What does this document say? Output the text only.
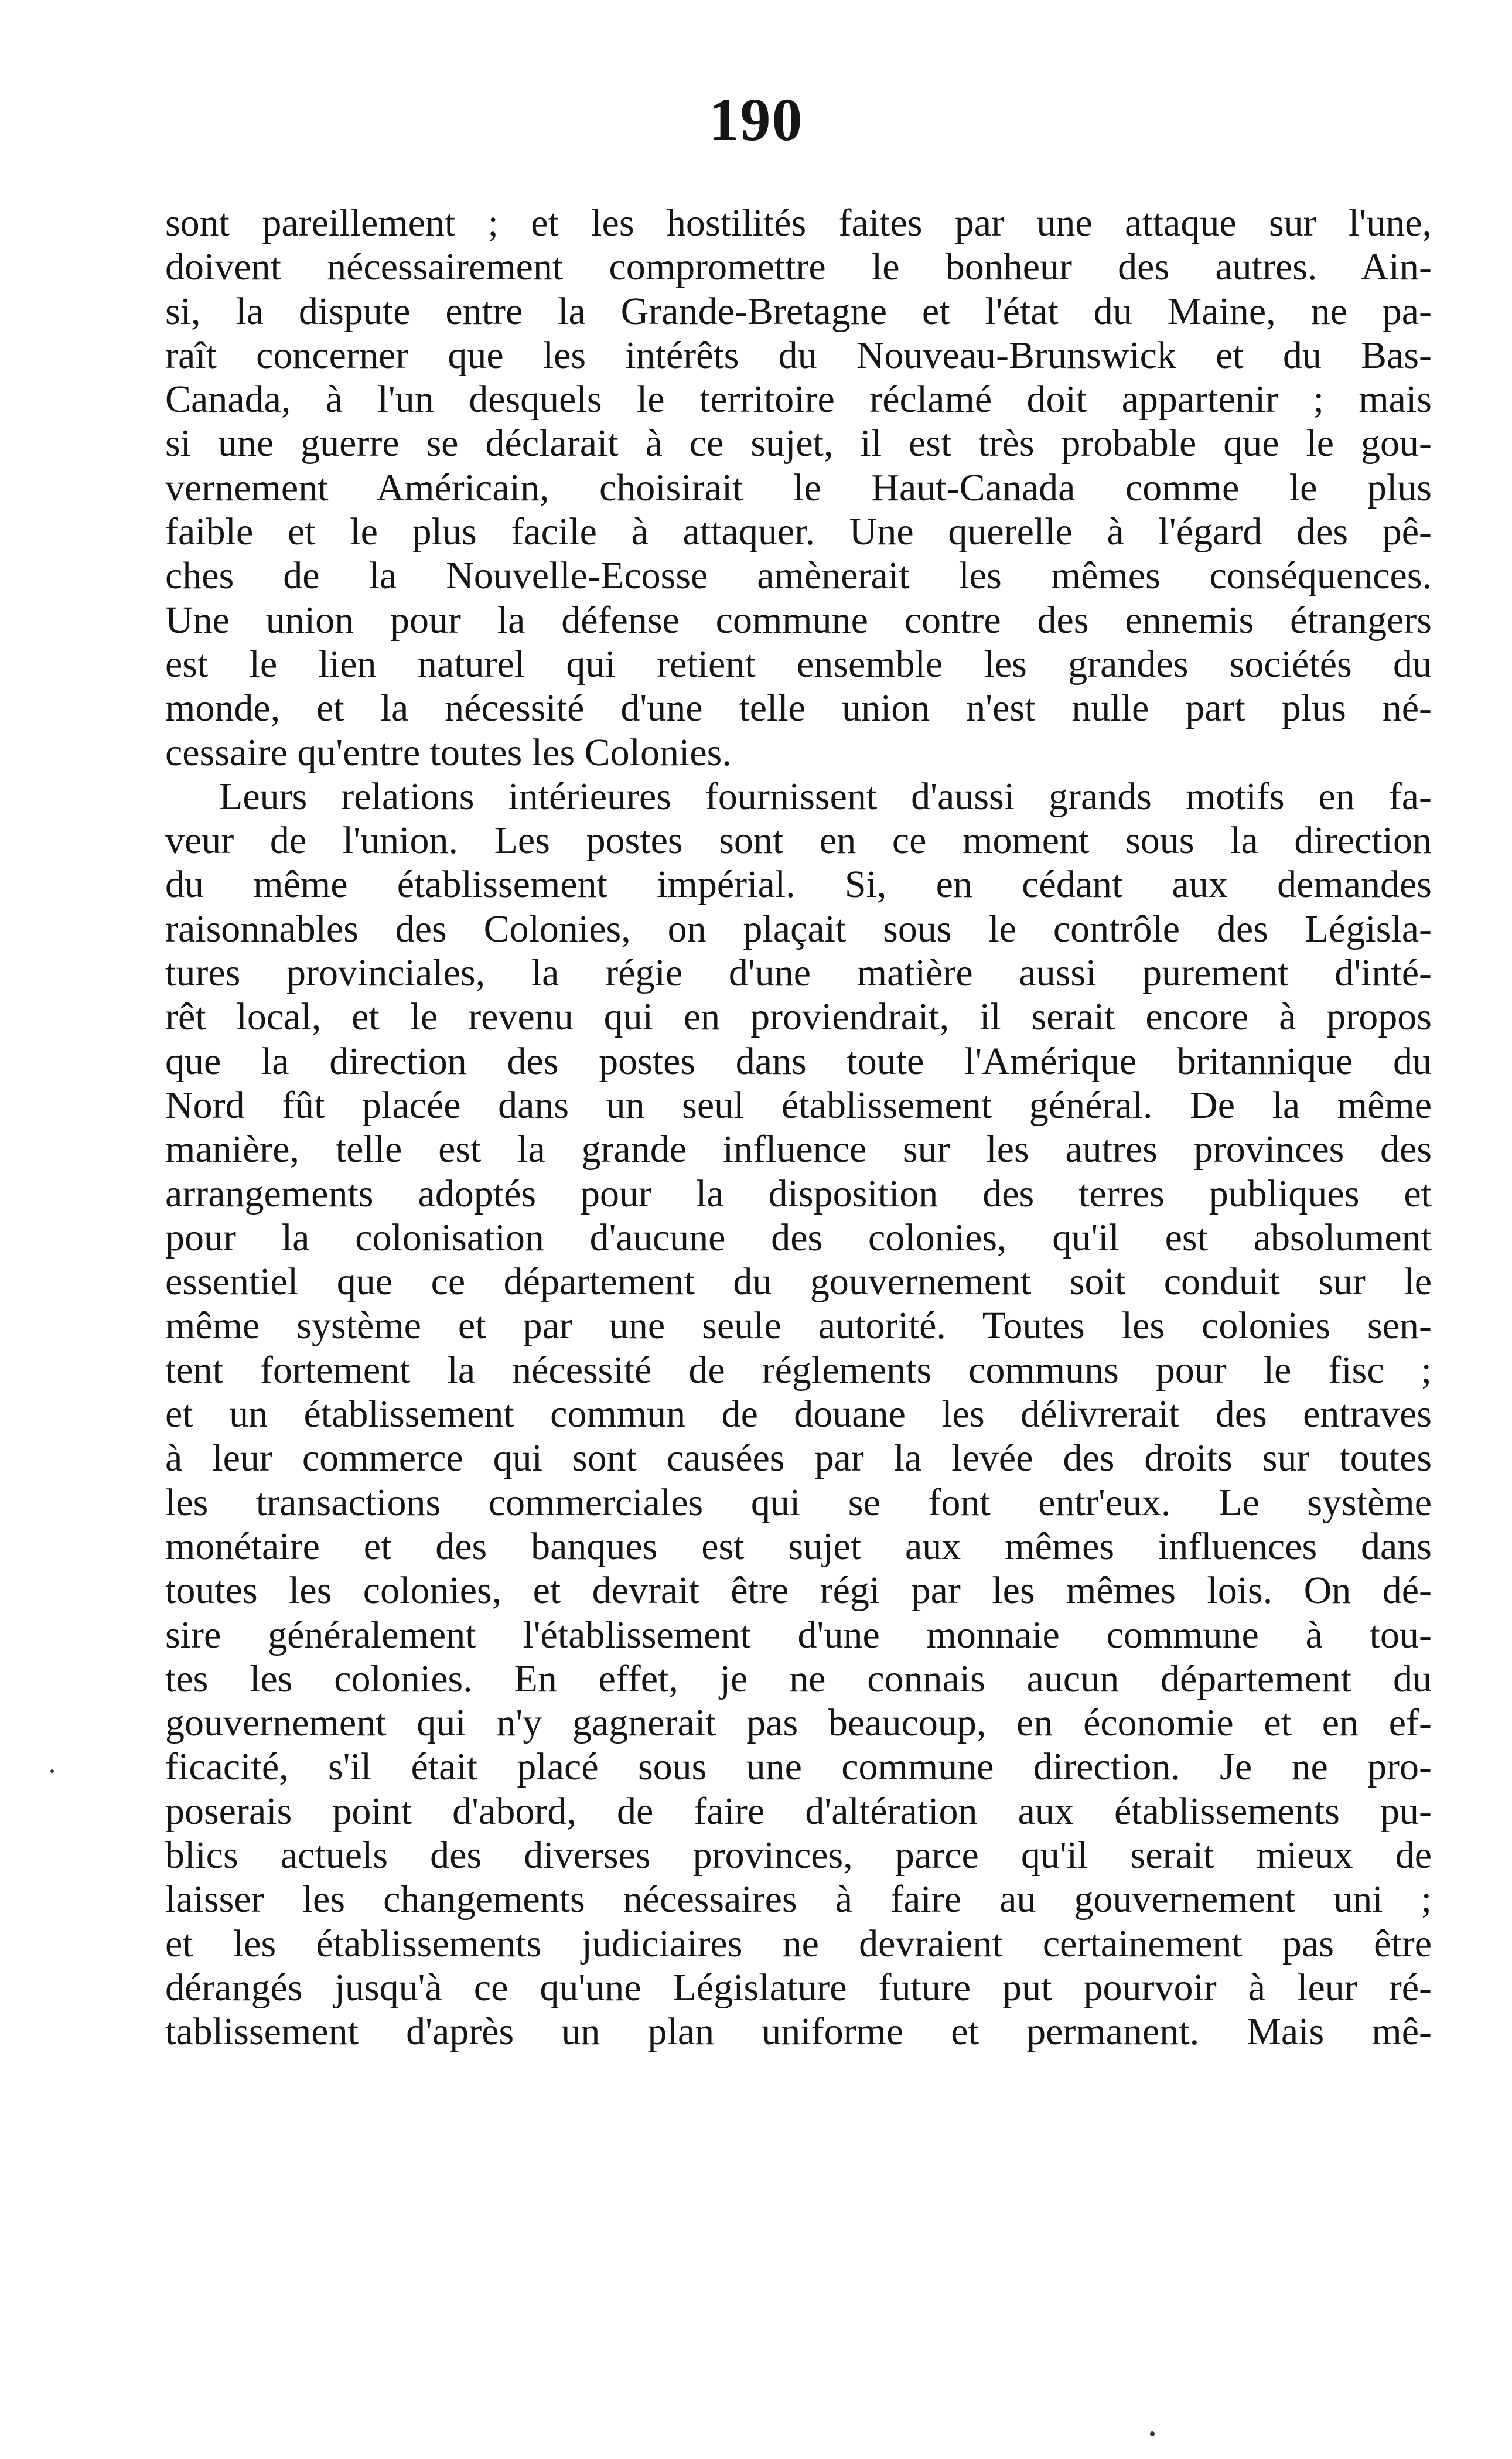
190
sont pareillement ; et les hostilités faites par une attaque sur l'une,
doivent nécessairement compromettre le bonheur des autres. Ain-
si, la dispute entre la Grande-Bretagne et l'état du Maine, ne pa-
raît concerner que les intérêts du Nouveau-Brunswick et du Bas-
Canada, à l'un desquels le territoire réclamé doit appartenir ; mais
si une guerre se déclarait à ce sujet, il est très probable que le gou-
vernement Américain, choisirait le Haut-Canada comme le plus
faible et le plus facile à attaquer. Une querelle à l'égard des pê-
ches de la Nouvelle-Ecosse amènerait les mêmes conséquences.
Une union pour la défense commune contre des ennemis étrangers
est le lien naturel qui retient ensemble les grandes sociétés du
monde, et la nécessité d'une telle union n'est nulle part plus né-
cessaire qu'entre toutes les Colonies.
Leurs relations intérieures fournissent d'aussi grands motifs en fa-
veur de l'union. Les postes sont en ce moment sous la direction
du même établissement impérial. Si, en cédant aux demandes
raisonnables des Colonies, on plaçait sous le contrôle des Législa-
tures provinciales, la régie d'une matière aussi purement d'inté-
rêt local, et le revenu qui en proviendrait, il serait encore à propos
que la direction des postes dans toute l'Amérique britannique du
Nord fût placée dans un seul établissement général. De la même
manière, telle est la grande influence sur les autres provinces des
arrangements adoptés pour la disposition des terres publiques et
pour la colonisation d'aucune des colonies, qu'il est absolument
essentiel que ce département du gouvernement soit conduit sur le
même système et par une seule autorité. Toutes les colonies sen-
tent fortement la nécessité de réglements communs pour le fisc ;
et un établissement commun de douane les délivrerait des entraves
à leur commerce qui sont causées par la levée des droits sur toutes
les transactions commerciales qui se font entr'eux. Le système
monétaire et des banques est sujet aux mêmes influences dans
toutes les colonies, et devrait être régi par les mêmes lois. On dé-
sire généralement l'établissement d'une monnaie commune à tou-
tes les colonies. En effet, je ne connais aucun département du
gouvernement qui n'y gagnerait pas beaucoup, en économie et en ef-
ficacité, s'il était placé sous une commune direction. Je ne pro-
poserais point d'abord, de faire d'altération aux établissements pu-
blics actuels des diverses provinces, parce qu'il serait mieux de
laisser les changements nécessaires à faire au gouvernement uni ;
et les établissements judiciaires ne devraient certainement pas être
dérangés jusqu'à ce qu'une Législature future put pourvoir à leur ré-
tablissement d'après un plan uniforme et permanent. Mais mê-
